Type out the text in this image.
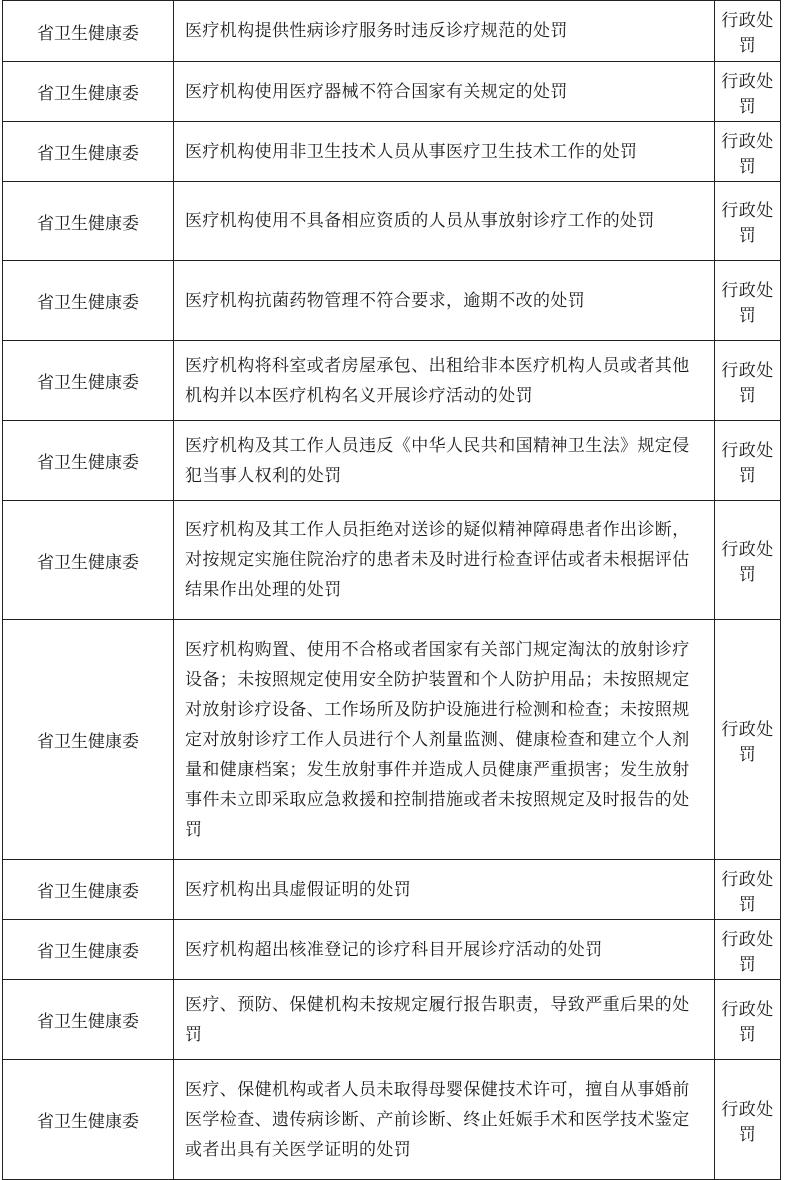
省卫生健康委	医疗机构提供性病诊疗服务时违反诊疗规范的处罚	行政处罚
省卫生健康委	医疗机构使用医疗器械不符合国家有关规定的处罚	行政处罚
省卫生健康委	医疗机构使用非卫生技术人员从事医疗卫生技术工作的处罚	行政处罚
省卫生健康委	医疗机构使用不具备相应资质的人员从事放射诊疗工作的处罚	行政处罚
省卫生健康委	医疗机构抗菌药物管理不符合要求，逾期不改的处罚	行政处罚
省卫生健康委	医疗机构将科室或者房屋承包、出租给非本医疗机构人员或者其他机构并以本医疗机构名义开展诊疗活动的处罚	行政处罚
省卫生健康委	医疗机构及其工作人员违反《中华人民共和国精神卫生法》规定侵犯当事人权利的处罚	行政处罚
省卫生健康委	医疗机构及其工作人员拒绝对送诊的疑似精神障碍患者作出诊断，对按规定实施住院治疗的患者未及时进行检查评估或者未根据评估结果作出处理的处罚	行政处罚
省卫生健康委	医疗机构购置、使用不合格或者国家有关部门规定淘汰的放射诊疗设备；未按照规定使用安全防护装置和个人防护用品；未按照规定对放射诊疗设备、工作场所及防护设施进行检测和检查；未按照规定对放射诊疗工作人员进行个人剂量监测、健康检查和建立个人剂量和健康档案；发生放射事件并造成人员健康严重损害；发生放射事件未立即采取应急救援和控制措施或者未按照规定及时报告的处罚	行政处罚
省卫生健康委	医疗机构出具虚假证明的处罚	行政处罚
省卫生健康委	医疗机构超出核准登记的诊疗科目开展诊疗活动的处罚	行政处罚
省卫生健康委	医疗、预防、保健机构未按规定履行报告职责，导致严重后果的处罚	行政处罚
省卫生健康委	医疗、保健机构或者人员未取得母婴保健技术许可，擅自从事婚前医学检查、遗传病诊断、产前诊断、终止妊娠手术和医学技术鉴定或者出具有关医学证明的处罚	行政处罚
